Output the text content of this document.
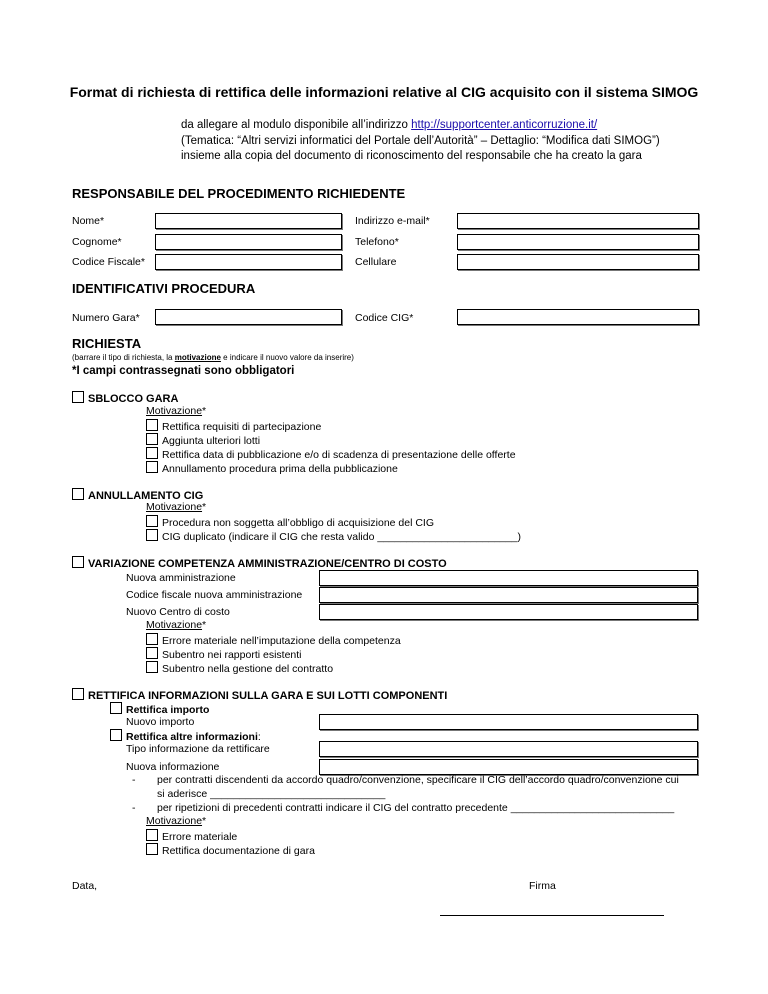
Format di richiesta di rettifica delle informazioni relative al CIG acquisito con il sistema SIMOG
da allegare al modulo disponibile all’indirizzo http://supportcenter.anticorruzione.it/
(Tematica: “Altri servizi informatici del Portale dell’Autorità” – Dettaglio: “Modifica dati SIMOG”)
insieme alla copia del documento di riconoscimento del responsabile che ha creato la gara
RESPONSABILE DEL PROCEDIMENTO RICHIEDENTE
Nome*	Indirizzo e-mail*
Cognome*	Telefono*
Codice Fiscale*	Cellulare
IDENTIFICATIVI PROCEDURA
Numero Gara*	Codice CIG*
RICHIESTA
(barrare il tipo di richiesta, la motivazione e indicare il nuovo valore da inserire)
*I campi contrassegnati sono obbligatori
SBLOCCO GARA
Motivazione*
Rettifica requisiti di partecipazione
Aggiunta ulteriori lotti
Rettifica data di pubblicazione e/o di scadenza di presentazione delle offerte
Annullamento procedura prima della pubblicazione
ANNULLAMENTO CIG
Motivazione*
Procedura non soggetta all’obbligo di acquisizione del CIG
CIG duplicato (indicare il CIG che resta valido ________________________)
VARIAZIONE COMPETENZA AMMINISTRAZIONE/CENTRO DI COSTO
Nuova amministrazione
Codice fiscale nuova amministrazione
Nuovo Centro di costo
Motivazione*
Errore materiale nell’imputazione della competenza
Subentro nei rapporti esistenti
Subentro nella gestione del contratto
RETTIFICA INFORMAZIONI SULLA GARA E SUI LOTTI COMPONENTI
Rettifica importo
Nuovo importo
Rettifica altre informazioni:
Tipo informazione da rettificare
Nuova informazione
- per contratti discendenti da accordo quadro/convenzione, specificare il CIG dell’accordo quadro/convenzione cui
si aderisce ______________________________
- per ripetizioni di precedenti contratti indicare il CIG del contratto precedente ____________________________
Motivazione*
Errore materiale
Rettifica documentazione di gara
Data,	Firma
